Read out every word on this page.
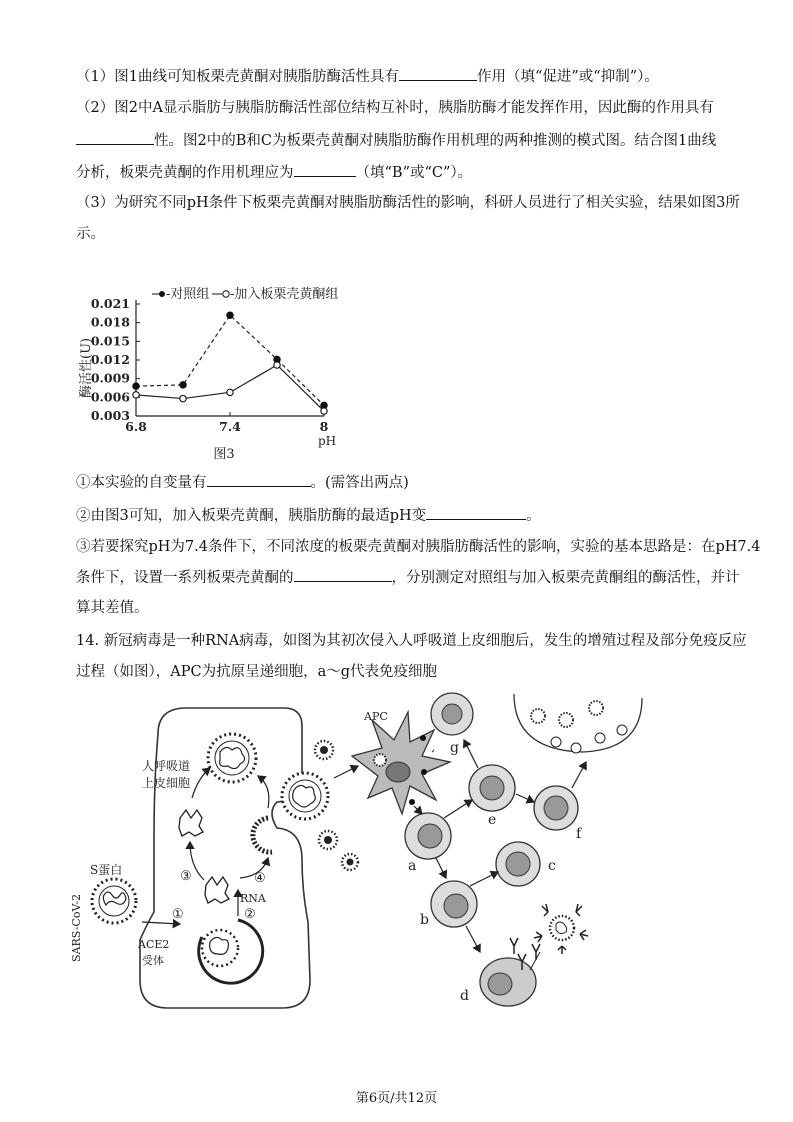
（1）图1曲线可知板栗壳黄酮对胰脂肪酶活性具有	作用（填“促进”或“抑制”）。
（2）图2中A显示脂肪与胰脂肪酶活性部位结构互补时，胰脂肪酶才能发挥作用，因此酶的作用具有
性。图2中的B和C为板栗壳黄酮对胰脂肪酶作用机理的两种推测的模式图。结合图1曲线
分析，板栗壳黄酮的作用机理应为	（填“B”或“C”）。
（3）为研究不同pH条件下板栗壳黄酮对胰脂肪酶活性的影响，科研人员进行了相关实验，结果如图3所
示。
0.021
0.018
0.015
0.012
0.009
0.006
0.003
6.8	7.4	8
pH
酶活性(U)
图3
-对照组 -加入板栗壳黄酮组
①本实验的自变量有	。(需答出两点)
②由图3可知，加入板栗壳黄酮，胰脂肪酶的最适pH变	。
③若要探究pH为7.4条件下，不同浓度的板栗壳黄酮对胰脂肪酶活性的影响，实验的基本思路是：在pH7.4
条件下，设置一系列板栗壳黄酮的	，分别测定对照组与加入板栗壳黄酮组的酶活性，并计
算其差值。
14. 新冠病毒是一种RNA病毒，如图为其初次侵入人呼吸道上皮细胞后，发生的增殖过程及部分免疫反应
过程（如图），APC为抗原呈递细胞，a～g代表免疫细胞
APC
人呼吸道
上皮细胞
S蛋白
SARS-CoV-2	ACE2
受体
RNA
①	②
③	④
a
b
c
d
e
f
g
第6页/共12页
